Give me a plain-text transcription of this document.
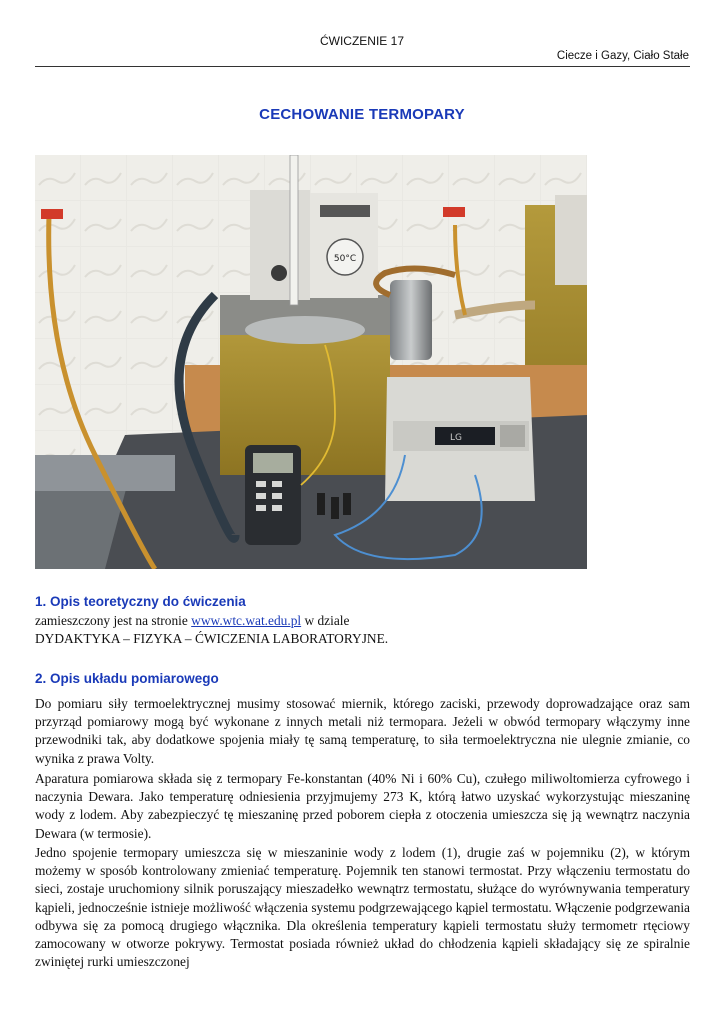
ĆWICZENIE 17
Ciecze i Gazy, Ciało Stałe
CECHOWANIE TERMOPARY
50°C
LG
1. Opis teoretyczny do ćwiczenia
zamieszczony jest na stronie www.wtc.wat.edu.pl w dziale
DYDAKTYKA – FIZYKA – ĆWICZENIA LABORATORYJNE.
2. Opis układu pomiarowego
Do pomiaru siły termoelektrycznej musimy stosować miernik, którego zaciski, przewody doprowadzające oraz sam przyrząd pomiarowy mogą być wykonane z innych metali niż termopara. Jeżeli w obwód termopary włączymy inne przewodniki tak, aby dodatkowe spojenia miały tę samą temperaturę, to siła termoelektryczna nie ulegnie zmianie, co wynika z prawa Volty.
Aparatura pomiarowa składa się z termopary Fe-konstantan (40% Ni i 60% Cu), czułego miliwoltomierza cyfrowego i naczynia Dewara. Jako temperaturę odniesienia przyjmujemy 273 K, którą łatwo uzyskać wykorzystując mieszaninę wody z lodem. Aby zabezpieczyć tę mieszaninę przed poborem ciepła z otoczenia umieszcza się ją wewnątrz naczynia Dewara (w termosie).
Jedno spojenie termopary umieszcza się w mieszaninie wody z lodem (1), drugie zaś w pojemniku (2), w którym możemy w sposób kontrolowany zmieniać temperaturę. Pojemnik ten stanowi termostat. Przy włączeniu termostatu do sieci, zostaje uruchomiony silnik poruszający mieszadełko wewnątrz termostatu, służące do wyrównywania temperatury kąpieli, jednocześnie istnieje możliwość włączenia systemu podgrzewającego kąpiel termostatu. Włączenie podgrzewania odbywa się za pomocą drugiego włącznika. Dla określenia temperatury kąpieli termostatu służy termometr rtęciowy zamocowany w otworze pokrywy. Termostat posiada również układ do chłodzenia kąpieli składający się ze spiralnie zwiniętej rurki umieszczonej
